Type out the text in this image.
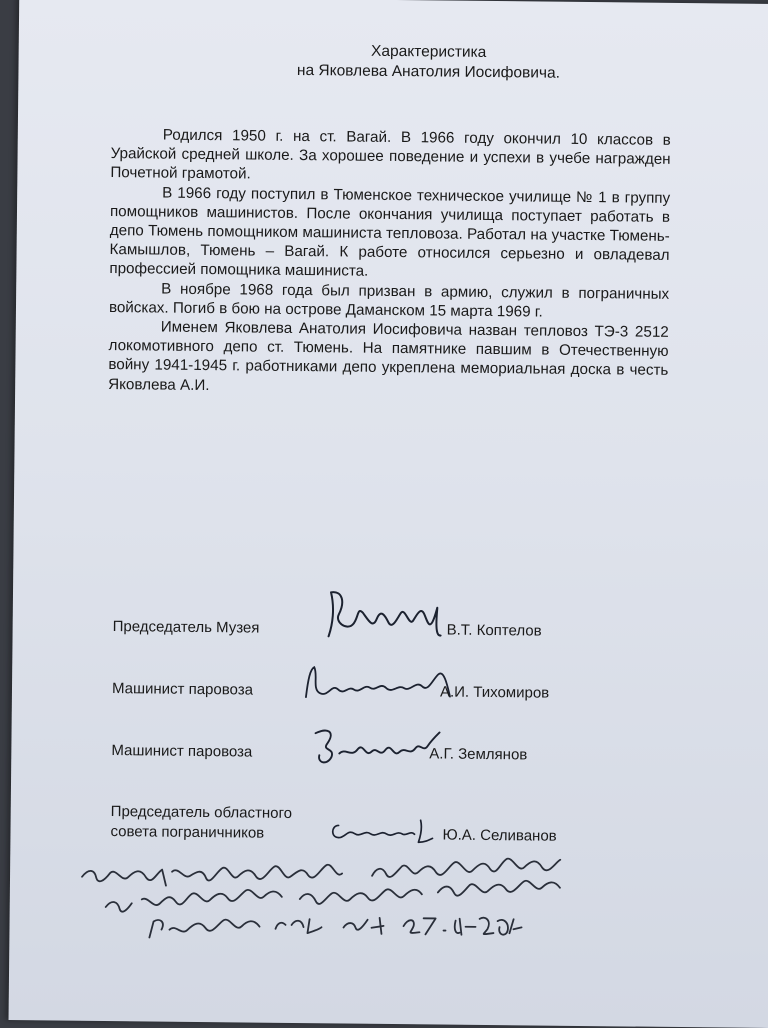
Характеристика
на Яковлева Анатолия Иосифовича.

Родился 1950 г. на ст. Вагай. В 1966 году окончил 10 классов в Урайской средней школе. За хорошее поведение и успехи в учебе награжден Почетной грамотой.

В 1966 году поступил в Тюменское техническое училище № 1 в группу помощников машинистов. После окончания училища поступает работать в депо Тюмень помощником машиниста тепловоза. Работал на участке Тюмень-Камышлов, Тюмень – Вагай. К работе относился серьезно и овладевал профессией помощника машиниста.

В ноябре 1968 года был призван в армию, служил в пограничных войсках. Погиб в бою на острове Даманском 15 марта 1969 г.

Именем Яковлева Анатолия Иосифовича назван тепловоз ТЭ-3 2512 локомотивного депо ст. Тюмень. На памятнике павшим в Отечественную войну 1941-1945 г. работниками депо укреплена мемориальная доска в честь Яковлева А.И.

Председатель Музея	В.Т. Коптелов
Машинист паровоза	А.И. Тихомиров
Машинист паровоза	А.Г. Землянов
Председатель областного
совета пограничников	Ю.А. Селиванов
